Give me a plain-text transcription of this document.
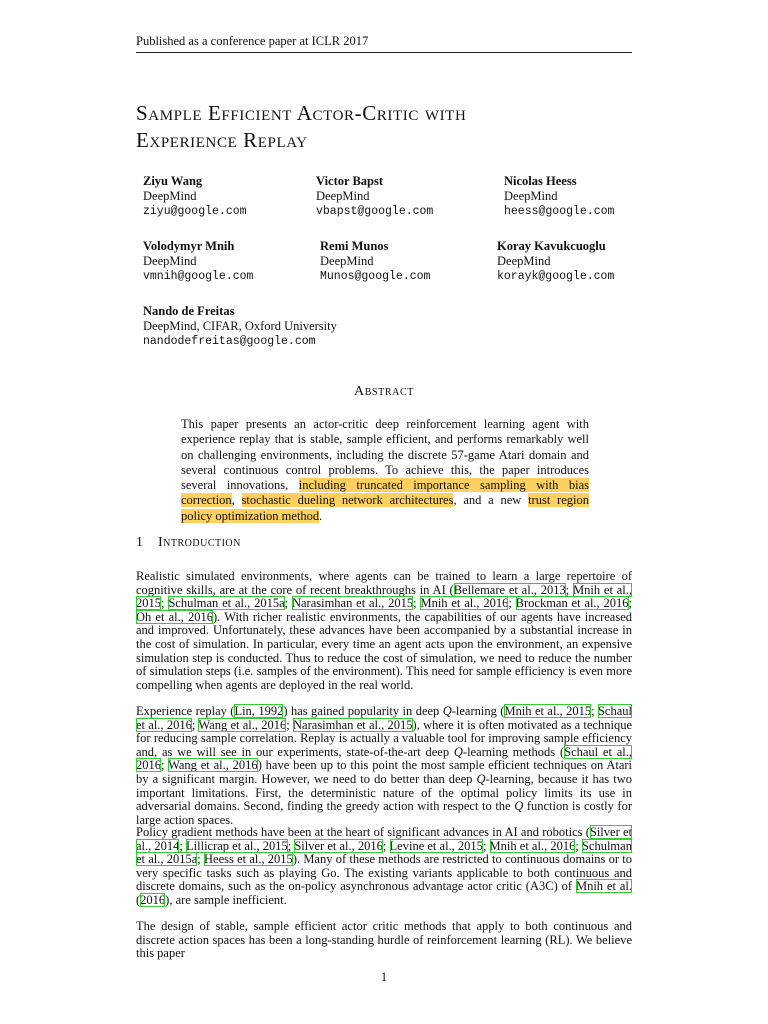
Published as a conference paper at ICLR 2017
Sample Efficient Actor-Critic with
Experience Replay
Ziyu Wang
DeepMind
ziyu@google.com
Victor Bapst
DeepMind
vbapst@google.com
Nicolas Heess
DeepMind
heess@google.com
Volodymyr Mnih
DeepMind
vmnih@google.com
Remi Munos
DeepMind
Munos@google.com
Koray Kavukcuoglu
DeepMind
korayk@google.com
Nando de Freitas
DeepMind, CIFAR, Oxford University
nandodefreitas@google.com
Abstract
This paper presents an actor-critic deep reinforcement learning agent with experience replay that is stable, sample efficient, and performs remarkably well on challenging environments, including the discrete 57-game Atari domain and several continuous control problems. To achieve this, the paper introduces several innovations, including truncated importance sampling with bias correction, stochastic dueling network architectures, and a new trust region policy optimization method.
1 Introduction

Realistic simulated environments, where agents can be trained to learn a large repertoire of cognitive skills, are at the core of recent breakthroughs in AI (Bellemare et al., 2013; Mnih et al., 2015; Schulman et al., 2015a; Narasimhan et al., 2015; Mnih et al., 2016; Brockman et al., 2016; Oh et al., 2016). With richer realistic environments, the capabilities of our agents have increased and improved. Unfortunately, these advances have been accompanied by a substantial increase in the cost of simulation. In particular, every time an agent acts upon the environment, an expensive simulation step is conducted. Thus to reduce the cost of simulation, we need to reduce the number of simulation steps (i.e. samples of the environment). This need for sample efficiency is even more compelling when agents are deployed in the real world.

Experience replay (Lin, 1992) has gained popularity in deep Q-learning (Mnih et al., 2015; Schaul et al., 2016; Wang et al., 2016; Narasimhan et al., 2015), where it is often motivated as a technique for reducing sample correlation. Replay is actually a valuable tool for improving sample efficiency and, as we will see in our experiments, state-of-the-art deep Q-learning methods (Schaul et al., 2016; Wang et al., 2016) have been up to this point the most sample efficient techniques on Atari by a significant margin. However, we need to do better than deep Q-learning, because it has two important limitations. First, the deterministic nature of the optimal policy limits its use in adversarial domains. Second, finding the greedy action with respect to the Q function is costly for large action spaces.

Policy gradient methods have been at the heart of significant advances in AI and robotics (Silver et al., 2014; Lillicrap et al., 2015; Silver et al., 2016; Levine et al., 2015; Mnih et al., 2016; Schulman et al., 2015a; Heess et al., 2015). Many of these methods are restricted to continuous domains or to very specific tasks such as playing Go. The existing variants applicable to both continuous and discrete domains, such as the on-policy asynchronous advantage actor critic (A3C) of Mnih et al. (2016), are sample inefficient.

The design of stable, sample efficient actor critic methods that apply to both continuous and discrete action spaces has been a long-standing hurdle of reinforcement learning (RL). We believe this paper

1
